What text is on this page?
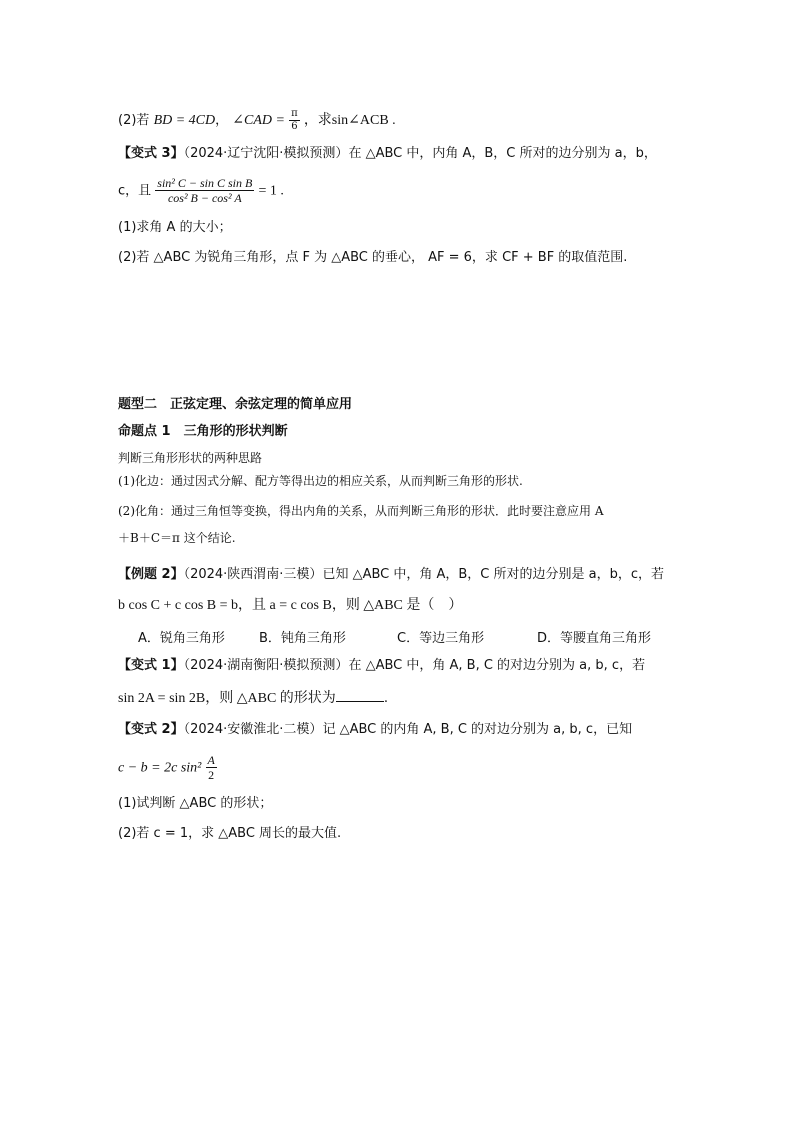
(2)若 BD = 4CD， ∠CAD = $\frac{\pi}{6}$ ，求sin∠ACB .
【变式 3】（2024·辽宁沈阳·模拟预测）在 △ABC 中，内角 A，B，C 所对的边分别为 a，b，
c，且 $\frac{\text{sin² C − sin C sin B}}{\text{cos² B − cos² A}} = 1$ .
(1)求角 A 的大小；
(2)若 △ABC 为锐角三角形，点 F 为 △ABC 的垂心， AF = 6，求 CF + BF 的取值范围.
题型二　正弦定理、余弦定理的简单应用
命题点 1　三角形的形状判断
判断三角形形状的两种思路
(1)化边：通过因式分解、配方等得出边的相应关系，从而判断三角形的形状.
(2)化角：通过三角恒等变换，得出内角的关系，从而判断三角形的形状．此时要注意应用 A
＋B＋C＝π 这个结论.
【例题 2】（2024·陕西渭南·三模）已知 △ABC 中，角 A，B，C 所对的边分别是 a，b，c，若
b cos C + c cos B = b，且 a = c cos B，则 △ABC 是（　）
A．锐角三角形	B．钝角三角形	C．等边三角形	D．等腰直角三角形
【变式 1】（2024·湖南衡阳·模拟预测）在 △ABC 中，角 A, B, C 的对边分别为 a, b, c，若
sin 2A = sin 2B，则 △ABC 的形状为	.
【变式 2】（2024·安徽淮北·二模）记 △ABC 的内角 A, B, C 的对边分别为 a, b, c，已知
c − b = 2c $\sin^2 \frac{A}{2}$
(1)试判断 △ABC 的形状；
(2)若 c = 1，求 △ABC 周长的最大值.
